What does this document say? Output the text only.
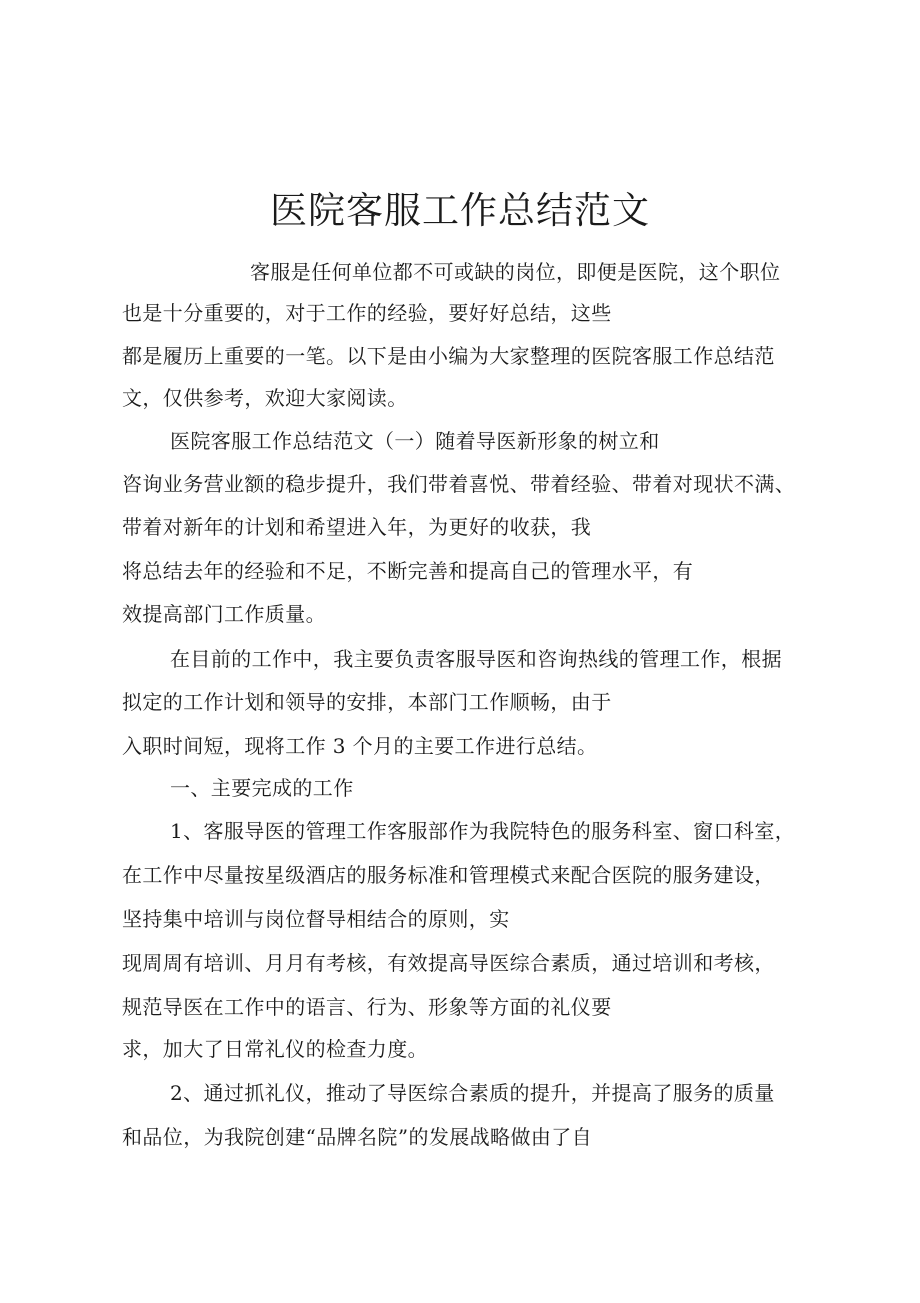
医院客服工作总结范文
客服是任何单位都不可或缺的岗位，即便是医院，这个职位
也是十分重要的，对于工作的经验，要好好总结，这些
都是履历上重要的一笔。以下是由小编为大家整理的医院客服工作总结范
文，仅供参考，欢迎大家阅读。
医院客服工作总结范文（一）随着导医新形象的树立和
咨询业务营业额的稳步提升，我们带着喜悦、带着经验、带着对现状不满、
带着对新年的计划和希望进入年，为更好的收获，我
将总结去年的经验和不足，不断完善和提高自己的管理水平，有
效提高部门工作质量。
在目前的工作中，我主要负责客服导医和咨询热线的管理工作，根据
拟定的工作计划和领导的安排，本部门工作顺畅，由于
入职时间短，现将工作 3 个月的主要工作进行总结。
一、主要完成的工作
1、客服导医的管理工作客服部作为我院特色的服务科室、窗口科室，
在工作中尽量按星级酒店的服务标准和管理模式来配合医院的服务建设，
坚持集中培训与岗位督导相结合的原则，实
现周周有培训、月月有考核，有效提高导医综合素质，通过培训和考核，
规范导医在工作中的语言、行为、形象等方面的礼仪要
求，加大了日常礼仪的检查力度。
2、通过抓礼仪，推动了导医综合素质的提升，并提高了服务的质量
和品位，为我院创建“品牌名院”的发展战略做由了自
